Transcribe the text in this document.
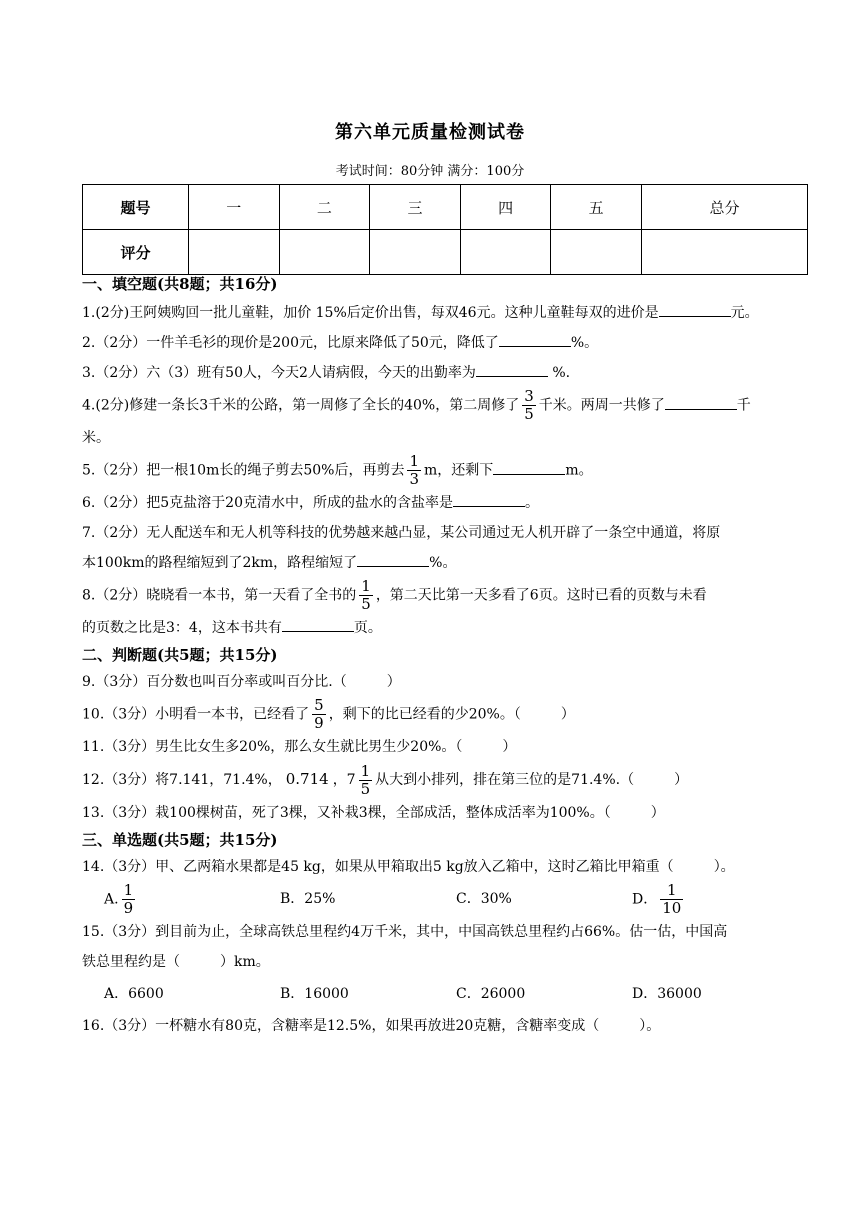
第六单元质量检测试卷
考试时间：80分钟 满分：100分
题号	一	二	三	四	五	总分
评分						
一、填空题(共8题；共16分)
1.(2分)王阿姨购回一批儿童鞋，加价 15%后定价出售，每双46元。这种儿童鞋每双的进价是	元。
2.（2分）一件羊毛衫的现价是200元，比原来降低了50元，降低了	%。
3.（2分）六（3）班有50人，今天2人请病假，今天的出勤率为	%.
4.(2分)修建一条长3千米的公路，第一周修了全长的40%，第二周修了 $\frac{3}{5}$ 千米。两周一共修了	千
米。
5.（2分）把一根10m长的绳子剪去50%后，再剪去 $\frac{1}{3}$ m，还剩下	m。
6.（2分）把5克盐溶于20克清水中，所成的盐水的含盐率是	。
7.（2分）无人配送车和无人机等科技的优势越来越凸显，某公司通过无人机开辟了一条空中通道，将原
本100km的路程缩短到了2km，路程缩短了	%。
8.（2分）晓晓看一本书，第一天看了全书的 $\frac{1}{5}$ ，第二天比第一天多看了6页。这时已看的页数与未看
的页数之比是3：4，这本书共有	页。
二、判断题(共5题；共15分)
9.（3分）百分数也叫百分率或叫百分比.（	）
10.（3分）小明看一本书，已经看了 $\frac{5}{9}$ ，剩下的比已经看的少20%。（	）
11.（3分）男生比女生多20%，那么女生就比男生少20%。（	）
12.（3分）将7.141，71.4%， 0.714 ，$7 \frac{1}{5}$ 从大到小排列，排在第三位的是71.4%.（	）
13.（3分）栽100棵树苗，死了3棵，又补栽3棵，全部成活，整体成活率为100%。（	）
三、单选题(共5题；共15分)
14.（3分）甲、乙两箱水果都是45 kg，如果从甲箱取出5 kg放入乙箱中，这时乙箱比甲箱重（	）。
A. $\frac{1}{9}$	B．25%	C．30%	D． $\frac{1}{10}$
15.（3分）到目前为止，全球高铁总里程约4万千米，其中，中国高铁总里程约占66%。估一估，中国高
铁总里程约是（	）km。
A．6600	B．16000	C．26000	D．36000
16.（3分）一杯糖水有80克，含糖率是12.5%，如果再放进20克糖，含糖率变成（	）。
